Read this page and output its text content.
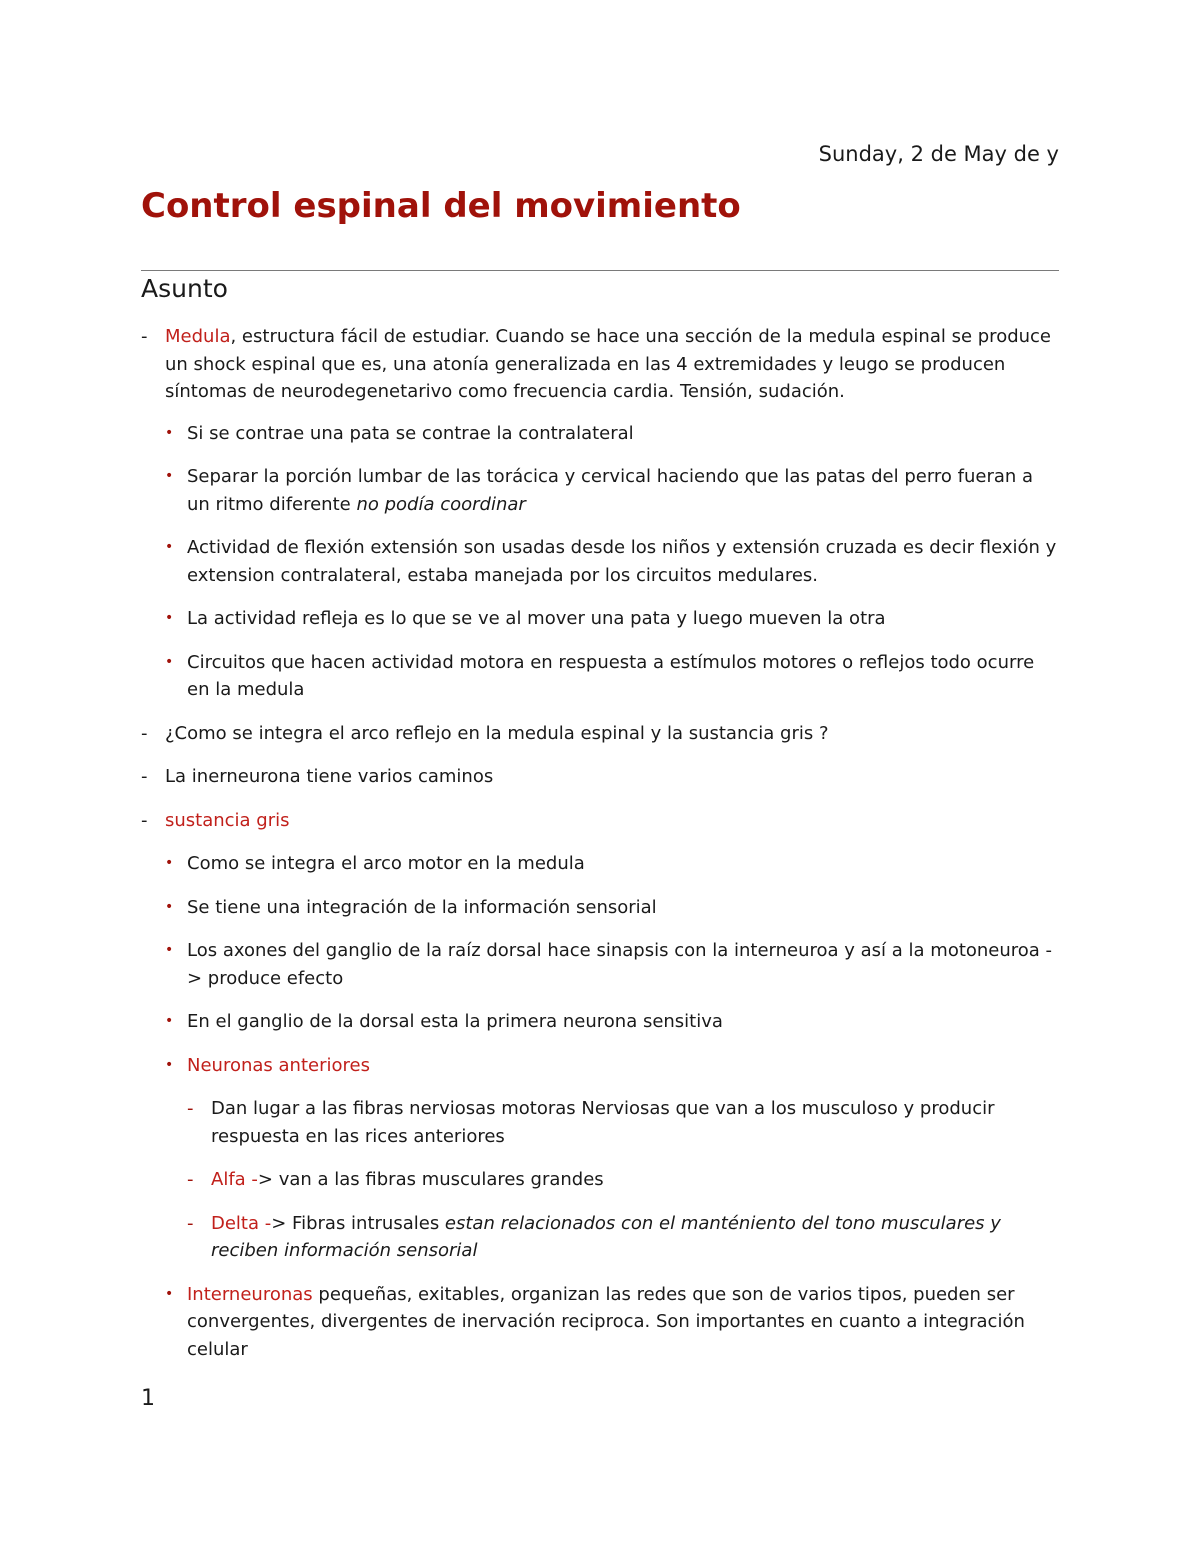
Sunday, 2 de May de y
Control espinal del movimiento
Asunto
- Medula, estructura fácil de estudiar. Cuando se hace una sección de la medula espinal se produce un shock espinal que es, una atonía generalizada en las 4 extremidades y leugo se producen síntomas de neurodegenetarivo como frecuencia cardia. Tensión, sudación.
• Si se contrae una pata se contrae la contralateral
• Separar la porción lumbar de las torácica y cervical haciendo que las patas del perro fueran a un ritmo diferente no podía coordinar
• Actividad de flexión extensión son usadas desde los niños y extensión cruzada es decir flexión y extension contralateral, estaba manejada por los circuitos medulares.
• La actividad refleja es lo que se ve al mover una pata y luego mueven la otra
• Circuitos que hacen actividad motora en respuesta a estímulos motores o reflejos todo ocurre en la medula
- ¿Como se integra el arco reflejo en la medula espinal y la sustancia gris ?
- La inerneurona tiene varios caminos
- sustancia gris
• Como se integra el arco motor en la medula
• Se tiene una integración de la información sensorial
• Los axones del ganglio de la raíz dorsal hace sinapsis con la interneuroa y así a la motoneuroa -> produce efecto
• En el ganglio de la dorsal esta la primera neurona sensitiva
• Neuronas anteriores
- Dan lugar a las fibras nerviosas motoras Nerviosas que van a los musculoso y producir respuesta en las rices anteriores
- Alfa -> van a las fibras musculares grandes
- Delta -> Fibras intrusales estan relacionados con el manténiento del tono musculares y reciben información sensorial
• Interneuronas pequeñas, exitables, organizan las redes que son de varios tipos, pueden ser convergentes, divergentes de inervación reciproca. Son importantes en cuanto a integración celular
1
